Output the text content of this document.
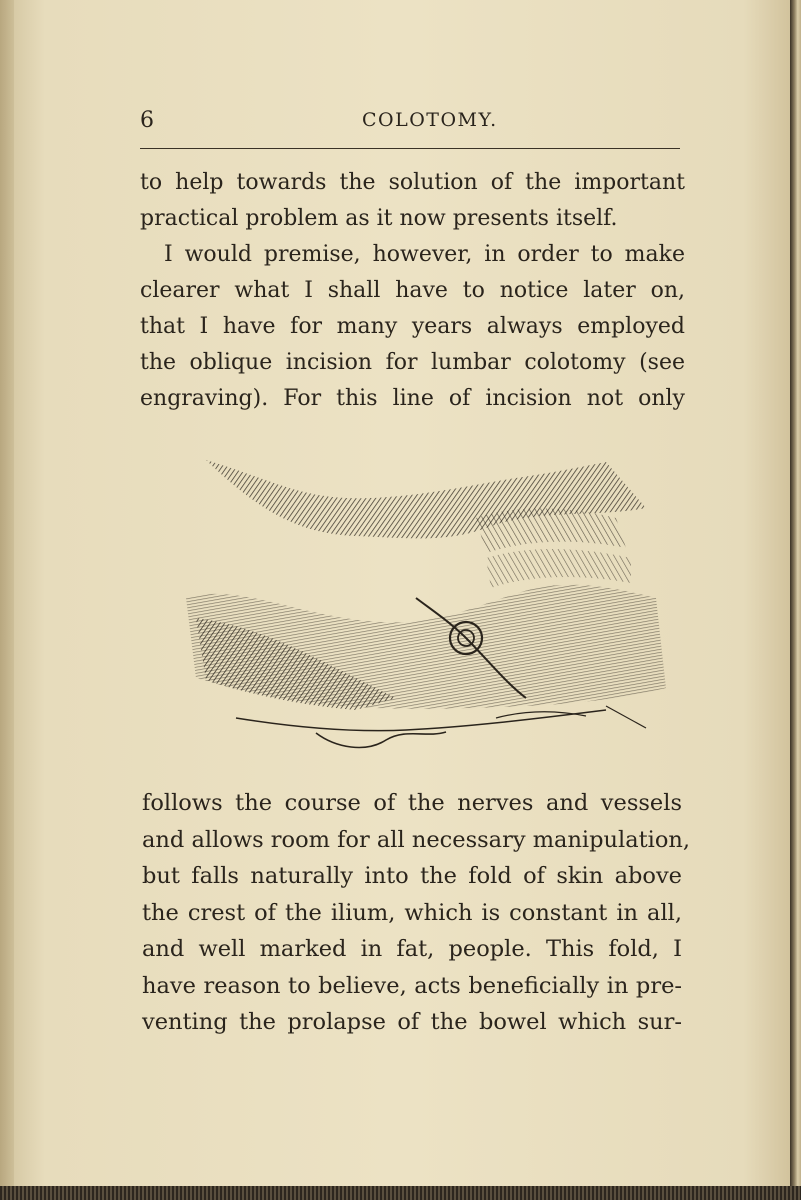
6	COLOTOMY.
to help towards the solution of the important
practical problem as it now presents itself.
I would premise, however, in order to make
clearer what I shall have to notice later on,
that I have for many years always employed
the oblique incision for lumbar colotomy (see
engraving). For this line of incision not only
follows the course of the nerves and vessels
and allows room for all necessary manipulation,
but falls naturally into the fold of skin above
the crest of the ilium, which is constant in all,
and well marked in fat, people. This fold, I
have reason to believe, acts beneficially in pre-
venting the prolapse of the bowel which sur-
